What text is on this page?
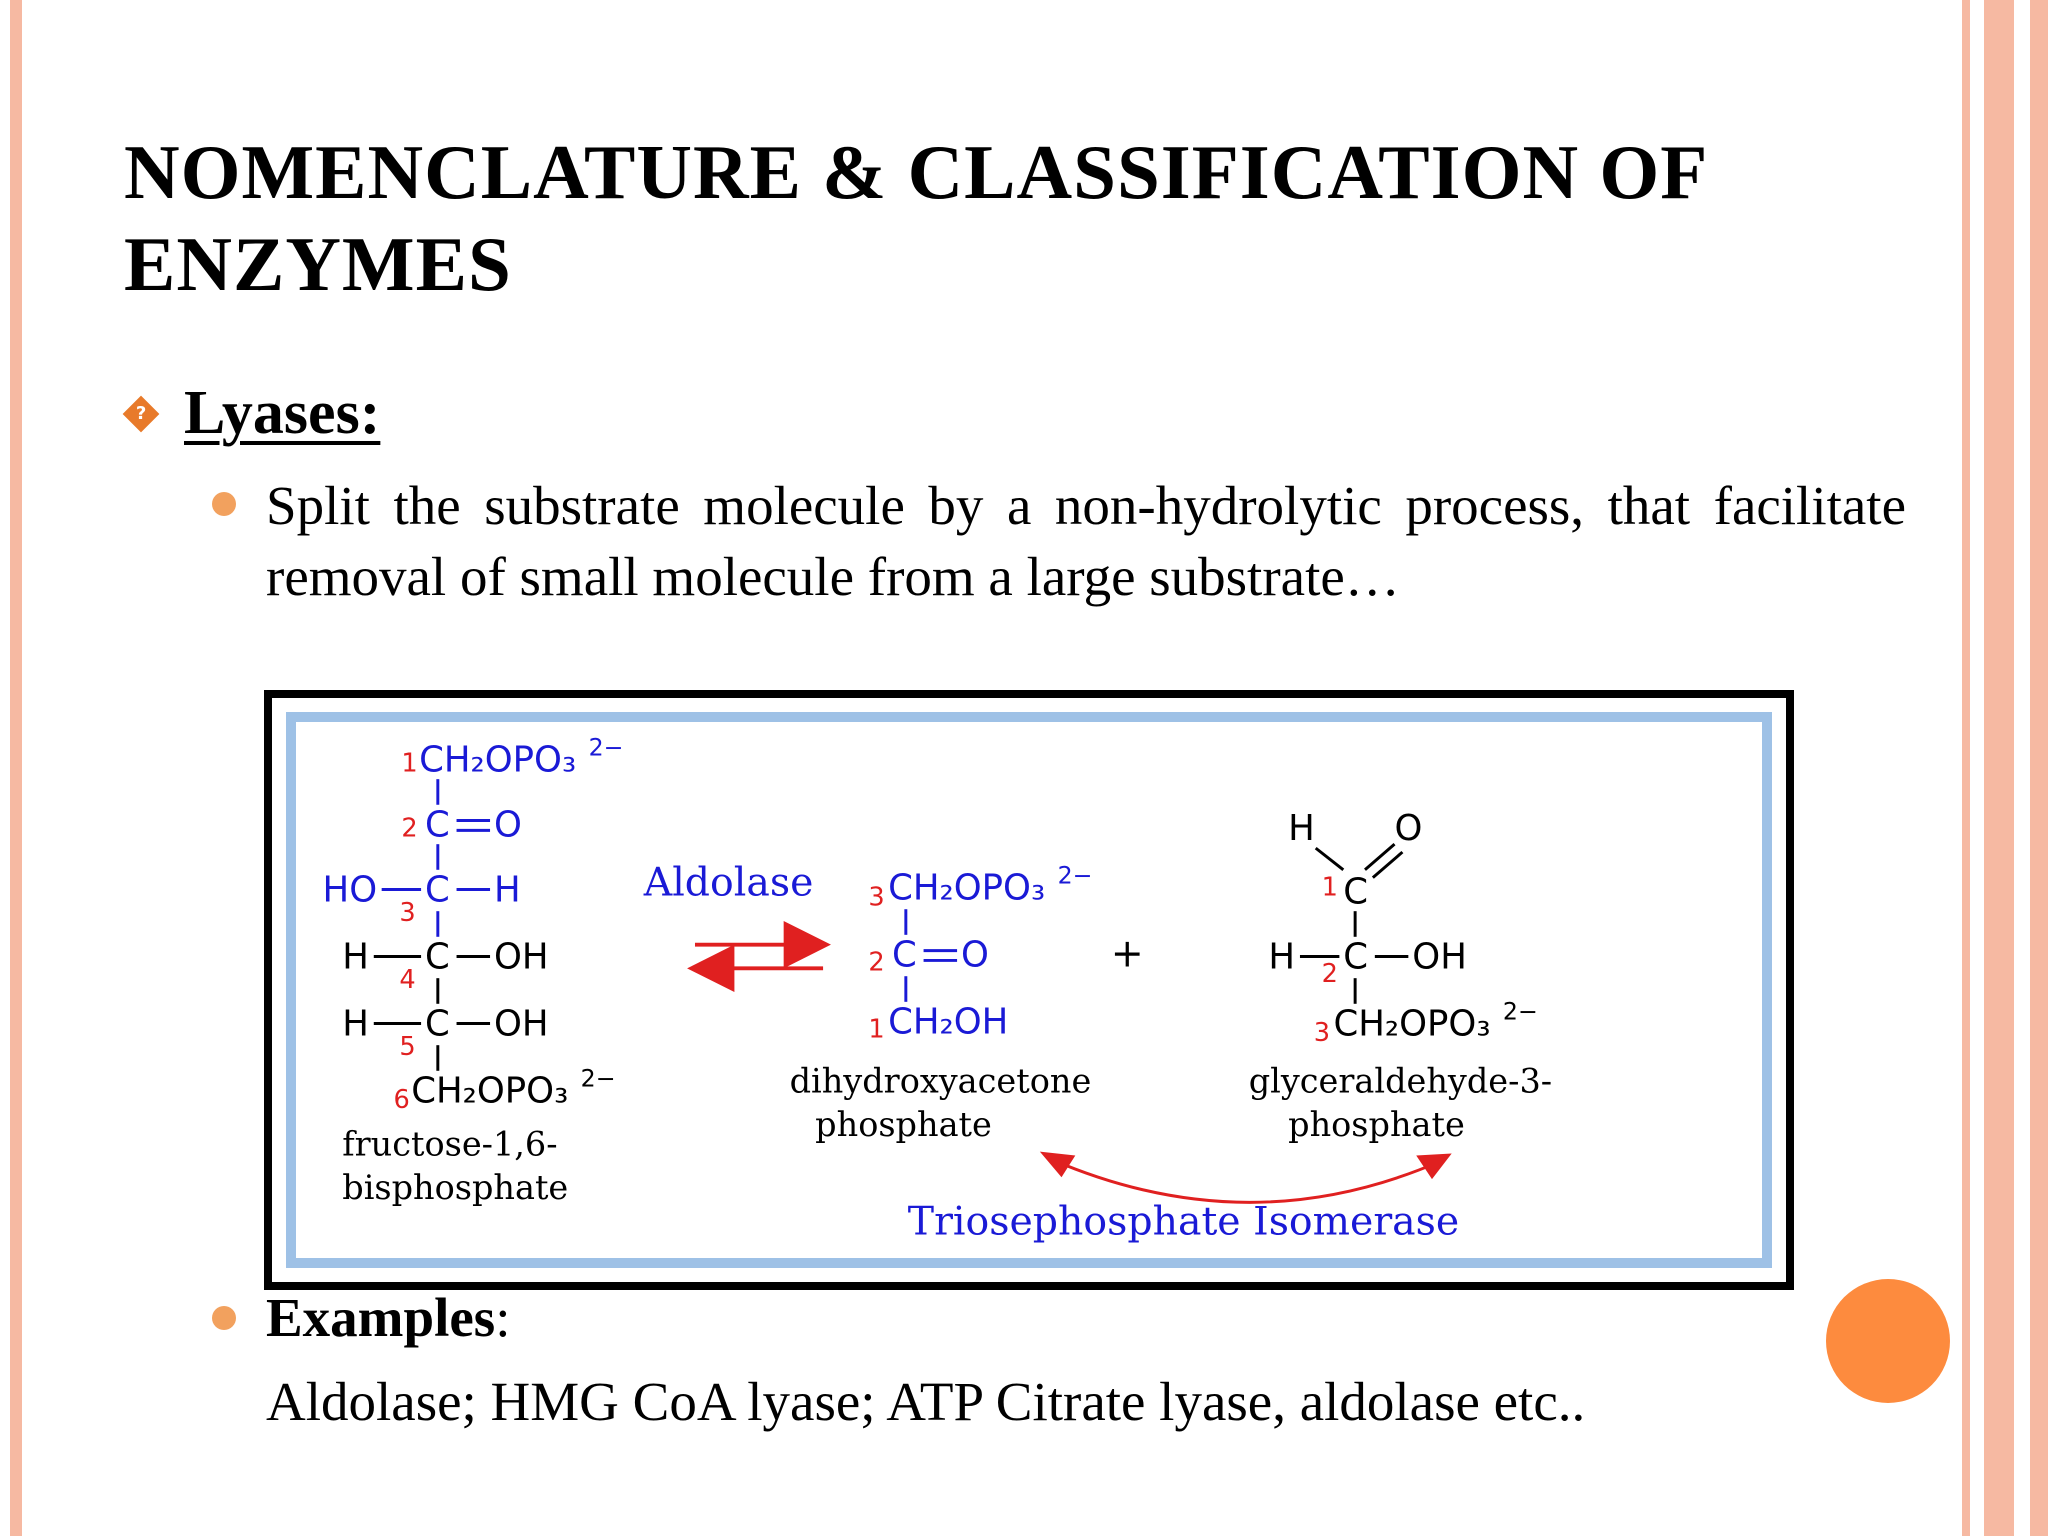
NOMENCLATURE & CLASSIFICATION OF ENZYMES
? Lyases:

Split the substrate molecule by a non-hydrolytic process, that facilitate removal of small molecule from a large substrate…

1 CH₂OPO₃ 2−
2 C O
HO C H
3
H C OH
H C OH
CH₂OPO₃ 2−
4
5
6
fructose-1,6-
bisphosphate
Aldolase 3 CH₂OPO₃ 2−
2 C O
1 CH₂OH
dihydroxyacetone
phosphate
+
H O
C
H C OH
CH₂OPO₃ 2−
1
2
3
glyceraldehyde-3-
phosphate
Triosephosphate Isomerase

Examples:

Aldolase; HMG CoA lyase; ATP Citrate lyase, aldolase etc..
